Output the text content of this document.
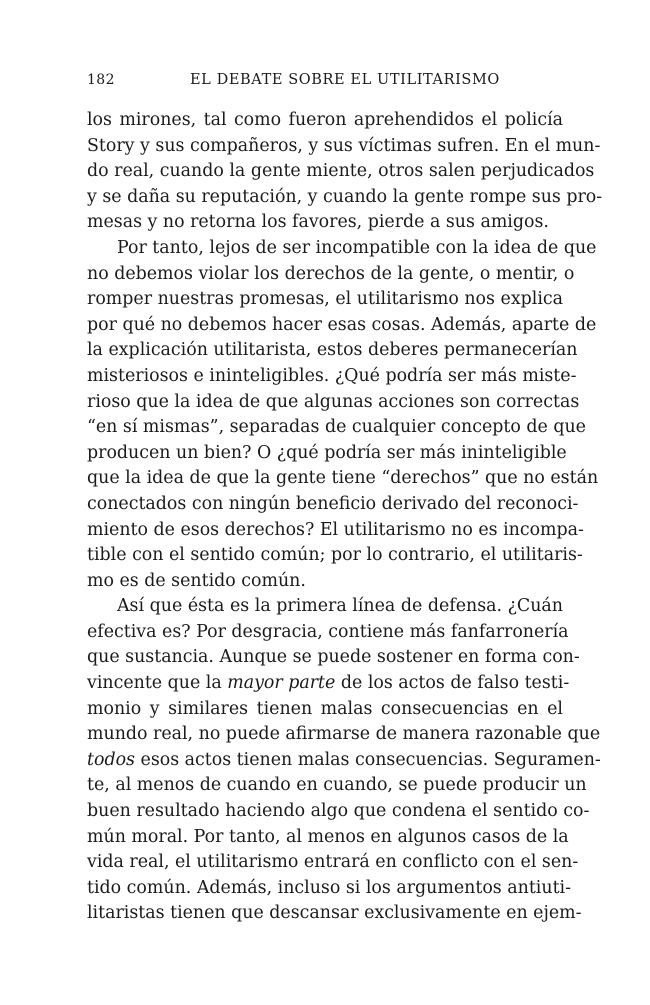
182	EL DEBATE SOBRE EL UTILITARISMO
los mirones, tal como fueron aprehendidos el policía
Story y sus compañeros, y sus víctimas sufren. En el mun-
do real, cuando la gente miente, otros salen perjudicados
y se daña su reputación, y cuando la gente rompe sus pro-
mesas y no retorna los favores, pierde a sus amigos.
Por tanto, lejos de ser incompatible con la idea de que
no debemos violar los derechos de la gente, o mentir, o
romper nuestras promesas, el utilitarismo nos explica
por qué no debemos hacer esas cosas. Además, aparte de
la explicación utilitarista, estos deberes permanecerían
misteriosos e ininteligibles. ¿Qué podría ser más miste-
rioso que la idea de que algunas acciones son correctas
“en sí mismas”, separadas de cualquier concepto de que
producen un bien? O ¿qué podría ser más ininteligible
que la idea de que la gente tiene “derechos” que no están
conectados con ningún beneficio derivado del reconoci-
miento de esos derechos? El utilitarismo no es incompa-
tible con el sentido común; por lo contrario, el utilitaris-
mo es de sentido común.
Así que ésta es la primera línea de defensa. ¿Cuán
efectiva es? Por desgracia, contiene más fanfarronería
que sustancia. Aunque se puede sostener en forma con-
vincente que la mayor parte de los actos de falso testi-
monio y similares tienen malas consecuencias en el
mundo real, no puede afirmarse de manera razonable que
todos esos actos tienen malas consecuencias. Seguramen-
te, al menos de cuando en cuando, se puede producir un
buen resultado haciendo algo que condena el sentido co-
mún moral. Por tanto, al menos en algunos casos de la
vida real, el utilitarismo entrará en conflicto con el sen-
tido común. Además, incluso si los argumentos antiuti-
litaristas tienen que descansar exclusivamente en ejem-
